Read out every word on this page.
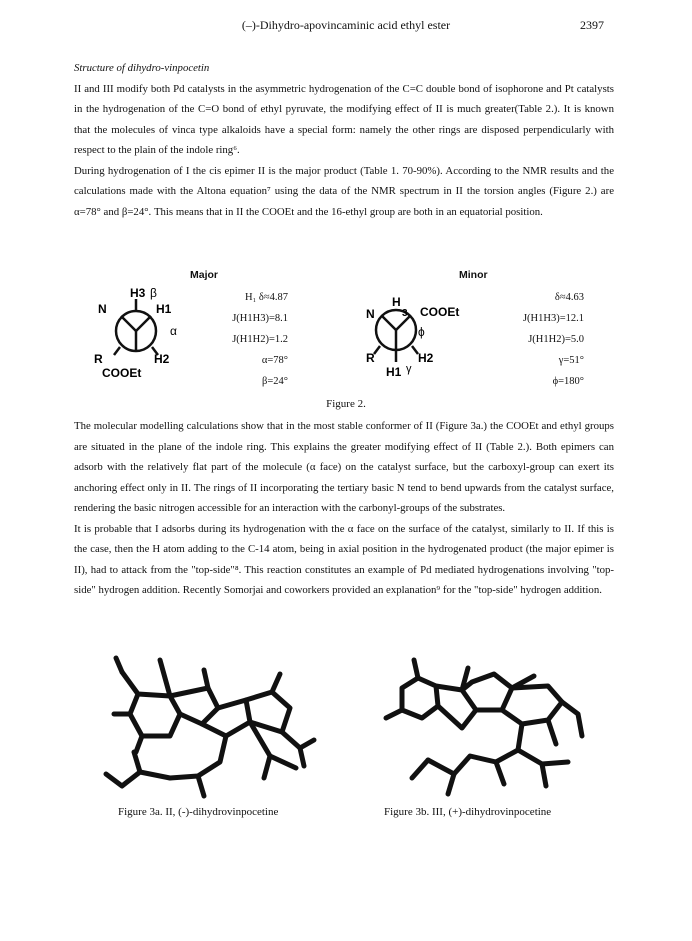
(–)-Dihydro-apovincaminic acid ethyl ester	2397

Structure of dihydro-vinpocetin

II and III modify both Pd catalysts in the asymmetric hydrogenation of the C=C double bond of isophorone and Pt catalysts in the hydrogenation of the C=O bond of ethyl pyruvate, the modifying effect of II is much greater(Table 2.). It is known that the molecules of vinca type alkaloids have a special form: namely the other rings are disposed perpendicularly with respect to the plain of the indole ring⁶.

During hydrogenation of I the cis epimer II is the major product (Table 1. 70-90%). According to the NMR results and the calculations made with the Altona equation⁷ using the data of the NMR spectrum in II the torsion angles (Figure 2.) are α=78° and β=24°. This means that in II the COOEt and the 16-ethyl group are both in an equatorial position.

Major	Minor
N
H3 β
H1
α
R	H2
COOEt
H₁ δ≈4.87
J(H1H3)=8.1
J(H1H2)=1.2
α=78°
β=24°
H
N	3 COOEt
ϕ
R	H2
H1 γ
δ≈4.63
J(H1H3)=12.1
J(H1H2)=5.0
γ=51°
ϕ=180°
Figure 2.

The molecular modelling calculations show that in the most stable conformer of II (Figure 3a.) the COOEt and ethyl groups are situated in the plane of the indole ring. This explains the greater modifying effect of II (Table 2.). Both epimers can adsorb with the relatively flat part of the molecule (α face) on the catalyst surface, but the carboxyl-group can exert its anchoring effect only in II. The rings of II incorporating the tertiary basic N tend to bend upwards from the catalyst surface, rendering the basic nitrogen accessible for an interaction with the carbonyl-groups of the substrates.

It is probable that I adsorbs during its hydrogenation with the α face on the surface of the catalyst, similarly to II. If this is the case, then the H atom adding to the C-14 atom, being in axial position in the hydrogenated product (the major epimer is II), had to attack from the "top-side"⁸. This reaction constitutes an example of Pd mediated hydrogenations involving "top-side" hydrogen addition. Recently Somorjai and coworkers provided an explanation⁹ for the "top-side" hydrogen addition.

Figure 3a. II, (-)-dihydrovinpocetine	Figure 3b. III, (+)-dihydrovinpocetine
